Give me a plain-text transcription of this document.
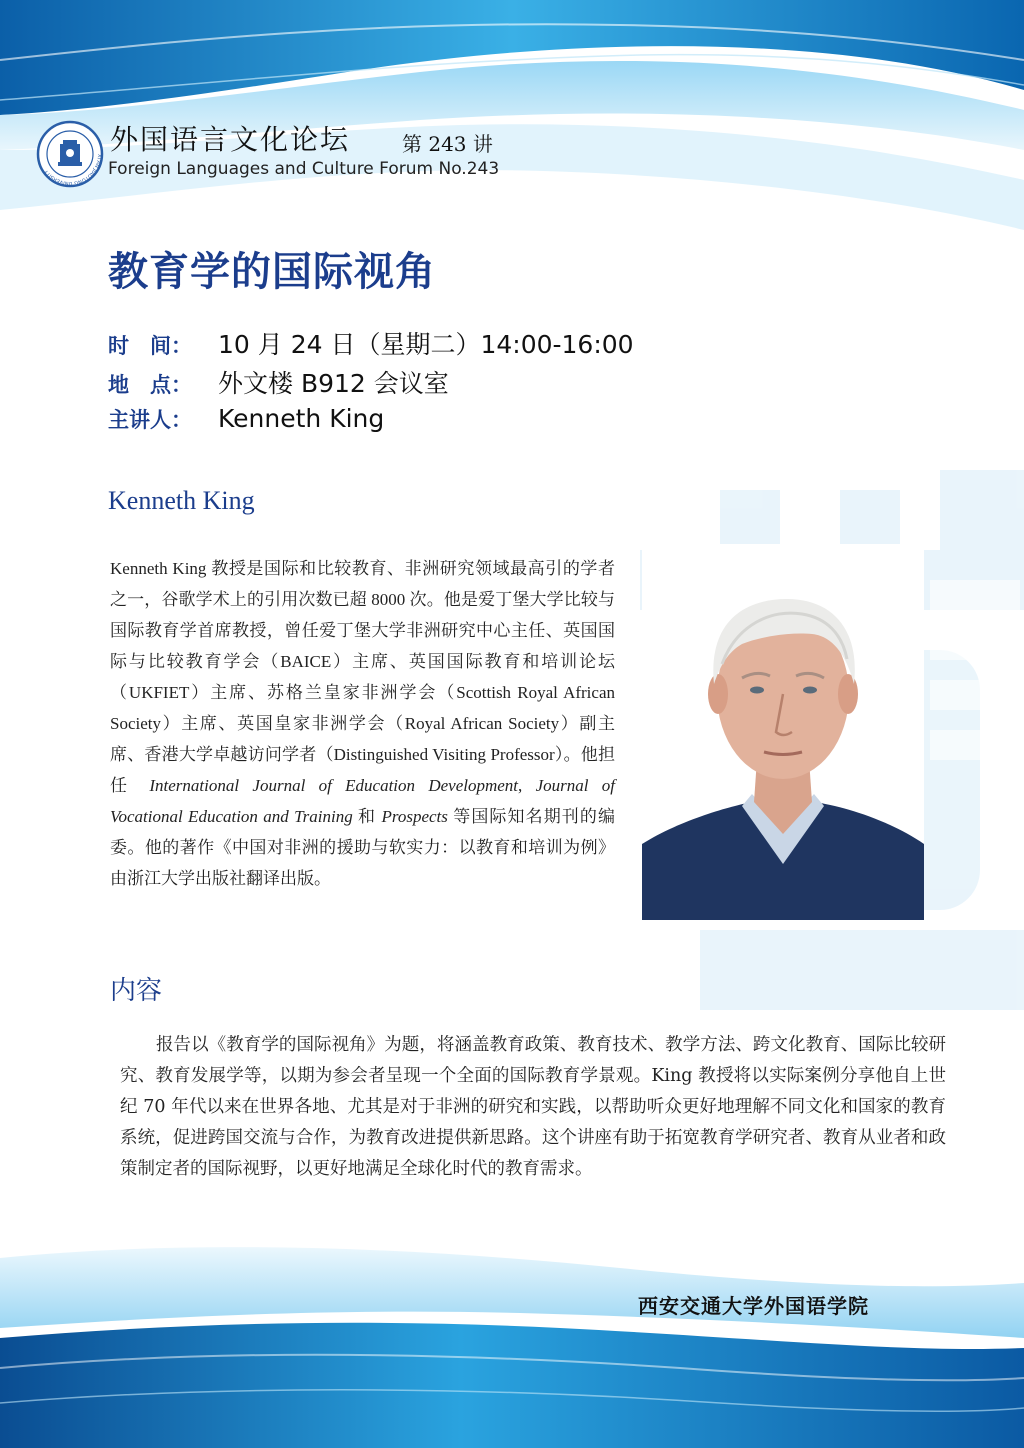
XI'AN JIAOTONG UNIVERSITY
外国语言文化论坛	第 243 讲
Foreign Languages and Culture Forum No.243
教育学的国际视角
时　间： 10 月 24 日（星期二）14:00-16:00
地　点： 外文楼 B912 会议室
主讲人： Kenneth King
Kenneth King
Kenneth King 教授是国际和比较教育、非洲研究领域最高引的学者之一，谷歌学术上的引用次数已超 8000 次。他是爱丁堡大学比较与国际教育学首席教授，曾任爱丁堡大学非洲研究中心主任、英国国际与比较教育学会（BAICE）主席、英国国际教育和培训论坛（UKFIET）主席、苏格兰皇家非洲学会（Scottish Royal African Society）主席、英国皇家非洲学会（Royal African Society）副主席、香港大学卓越访问学者（Distinguished Visiting Professor）。他担任 International Journal of Education Development, Journal of Vocational Education and Training 和 Prospects 等国际知名期刊的编委。他的著作《中国对非洲的援助与软实力：以教育和培训为例》 由浙江大学出版社翻译出版。
内容
报告以《教育学的国际视角》为题，将涵盖教育政策、教育技术、教学方法、跨文化教育、国际比较研究、教育发展学等，以期为参会者呈现一个全面的国际教育学景观。King 教授将以实际案例分享他自上世纪 70 年代以来在世界各地、尤其是对于非洲的研究和实践，以帮助听众更好地理解不同文化和国家的教育系统，促进跨国交流与合作，为教育改进提供新思路。这个讲座有助于拓宽教育学研究者、教育从业者和政策制定者的国际视野，以更好地满足全球化时代的教育需求。
西安交通大学外国语学院
